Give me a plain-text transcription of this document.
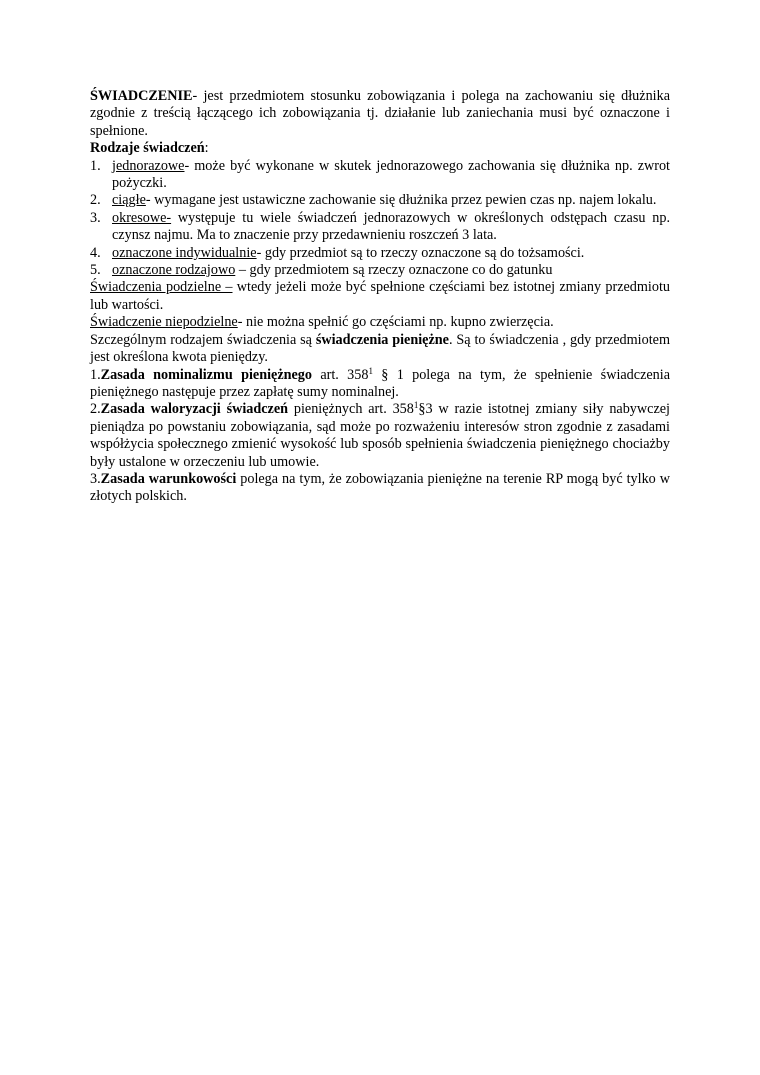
ŚWIADCZENIE- jest przedmiotem stosunku zobowiązania i polega na zachowaniu się dłużnika zgodnie z treścią łączącego ich zobowiązania tj. działanie lub zaniechania musi być oznaczone i spełnione.

Rodzaje świadczeń:

1. jednorazowe- może być wykonane w skutek jednorazowego zachowania się dłużnika np. zwrot pożyczki.
2. ciągłe- wymagane jest ustawiczne zachowanie się dłużnika przez pewien czas np. najem lokalu.
3. okresowe- występuje tu wiele świadczeń jednorazowych w określonych odstępach czasu np. czynsz najmu. Ma to znaczenie przy przedawnieniu roszczeń 3 lata.
4. oznaczone indywidualnie- gdy przedmiot są to rzeczy oznaczone są do tożsamości.
5. oznaczone rodzajowo – gdy przedmiotem są rzeczy oznaczone co do gatunku

Świadczenia podzielne – wtedy jeżeli może być spełnione częściami bez istotnej zmiany przedmiotu lub wartości.

Świadczenie niepodzielne- nie można spełnić go częściami np. kupno zwierzęcia.

Szczególnym rodzajem świadczenia są świadczenia pieniężne. Są to świadczenia , gdy przedmiotem jest określona kwota pieniędzy.

1.Zasada nominalizmu pieniężnego art. $358^1$ § 1 polega na tym, że spełnienie świadczenia pieniężnego następuje przez zapłatę sumy nominalnej.

2.Zasada waloryzacji świadczeń pieniężnych art. $358^1\S 3$ w razie istotnej zmiany siły nabywczej pieniądza po powstaniu zobowiązania, sąd może po rozważeniu interesów stron zgodnie z zasadami współżycia społecznego zmienić wysokość lub sposób spełnienia świadczenia pieniężnego chociażby były ustalone w orzeczeniu lub umowie.

3.Zasada warunkowości polega na tym, że zobowiązania pieniężne na terenie RP mogą być tylko w złotych polskich.
